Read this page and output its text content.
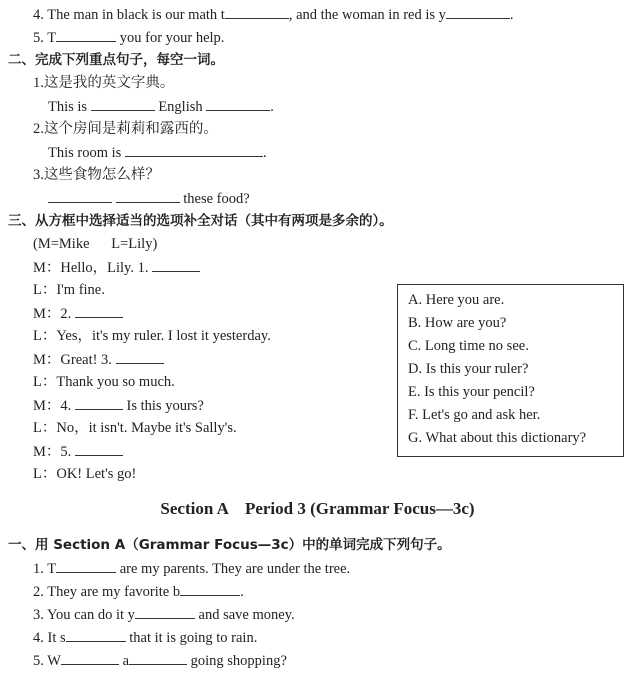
4. The man in black is our math t	, and the woman in red is y	.
5. T	you for your help.
二、完成下列重点句子，每空一词。
1.这是我的英文字典。
This is	English	.
2.这个房间是莉莉和露西的。
This room is	.
3.这些食物怎么样？
these food?
三、从方框中选择适当的选项补全对话（其中有两项是多余的）。
(M=Mike      L=Lily)
M：Hello，Lily. 1.
L：I'm fine.
M：2.
L：Yes，it's my ruler. I lost it yesterday.
M：Great! 3.
L：Thank you so much.
M：4.	Is this yours?
L：No，it isn't. Maybe it's Sally's.
M：5.
L：OK! Let's go!
A. Here you are.
B. How are you?
C. Long time no see.
D. Is this your ruler?
E. Is this your pencil?
F. Let's go and ask her.
G. What about this dictionary?
Section A    Period 3 (Grammar Focus—3c)
一、用 Section A（Grammar Focus—3c）中的单词完成下列句子。
1. T	are my parents. They are under the tree.
2. They are my favorite b	.
3. You can do it y	and save money.
4. It s	that it is going to rain.
5. W	a	going shopping?
